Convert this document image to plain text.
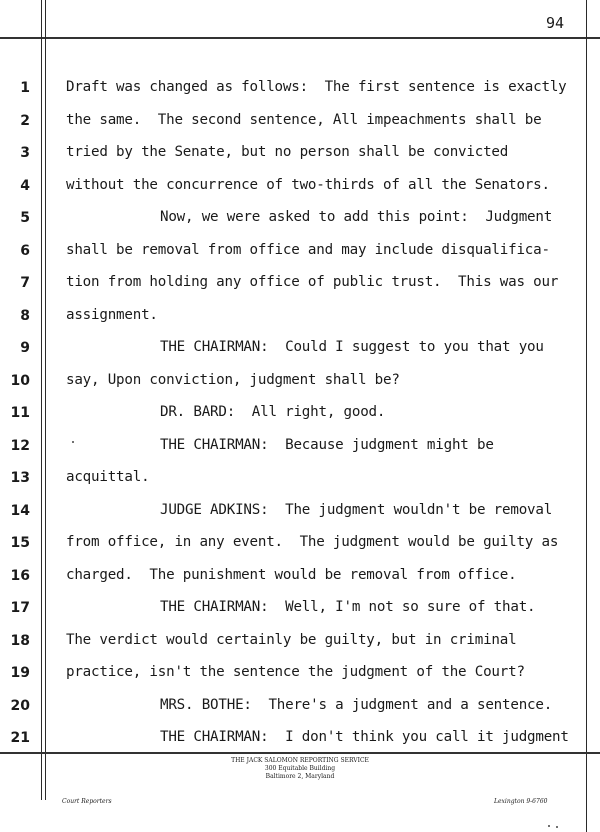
94
1	Draft was changed as follows:  The first sentence is exactly
2	the same.  The second sentence, All impeachments shall be
3	tried by the Senate, but no person shall be convicted
4	without the concurrence of two-thirds of all the Senators.
5	Now, we were asked to add this point:  Judgment
6	shall be removal from office and may include disqualifica-
7	tion from holding any office of public trust.  This was our
8	assignment.
9	THE CHAIRMAN:  Could I suggest to you that you
10	say, Upon conviction, judgment shall be?
11	DR. BARD:  All right, good.
12	THE CHAIRMAN:  Because judgment might be
13	acquittal.
14	JUDGE ADKINS:  The judgment wouldn't be removal
15	from office, in any event.  The judgment would be guilty as
16	charged.  The punishment would be removal from office.
17	THE CHAIRMAN:  Well, I'm not so sure of that.
18	The verdict would certainly be guilty, but in criminal
19	practice, isn't the sentence the judgment of the Court?
20	MRS. BOTHE:  There's a judgment and a sentence.
21	THE CHAIRMAN:  I don't think you call it judgment
THE JACK SALOMON REPORTING SERVICE
300 Equitable Building
Baltimore 2, Maryland
Court Reporters	Lexington 9-6760
